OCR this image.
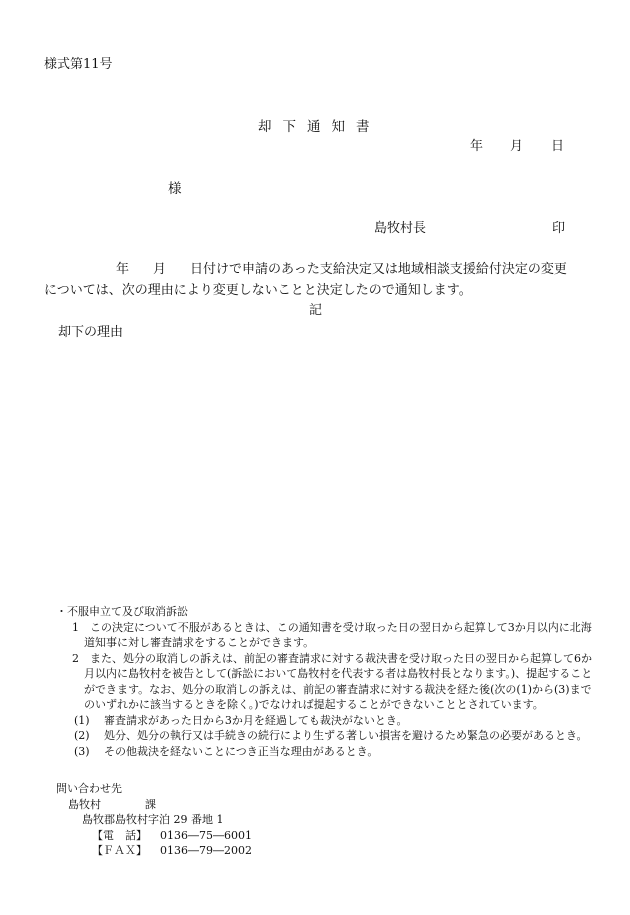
様式第11号
却下通知書
年 月 日
様
島牧村長	印
年 月 日付けで申請のあった支給決定又は地域相談支援給付決定の変更
については、次の理由により変更しないことと決定したので通知します。
記
却下の理由
・不服申立て及び取消訴訟
1　この決定について不服があるときは、この通知書を受け取った日の翌日から起算して3か月以内に北海道知事に対し審査請求をすることができます。
2　また、処分の取消しの訴えは、前記の審査請求に対する裁決書を受け取った日の翌日から起算して6か月以内に島牧村を被告として(訴訟において島牧村を代表する者は島牧村長となります。)、提起することができます。なお、処分の取消しの訴えは、前記の審査請求に対する裁決を経た後(次の(1)から(3)までのいずれかに該当するときを除く。)でなければ提起することができないこととされています。
(1) 審査請求があった日から3か月を経過しても裁決がないとき。
(2) 処分、処分の執行又は手続きの続行により生ずる著しい損害を避けるため緊急の必要があるとき。
(3) その他裁決を経ないことにつき正当な理由があるとき。
問い合わせ先
島牧村	課
島牧郡島牧村字泊 29 番地 1
【電　話】 0136―75―6001
【ＦＡＸ】 0136―79―2002
